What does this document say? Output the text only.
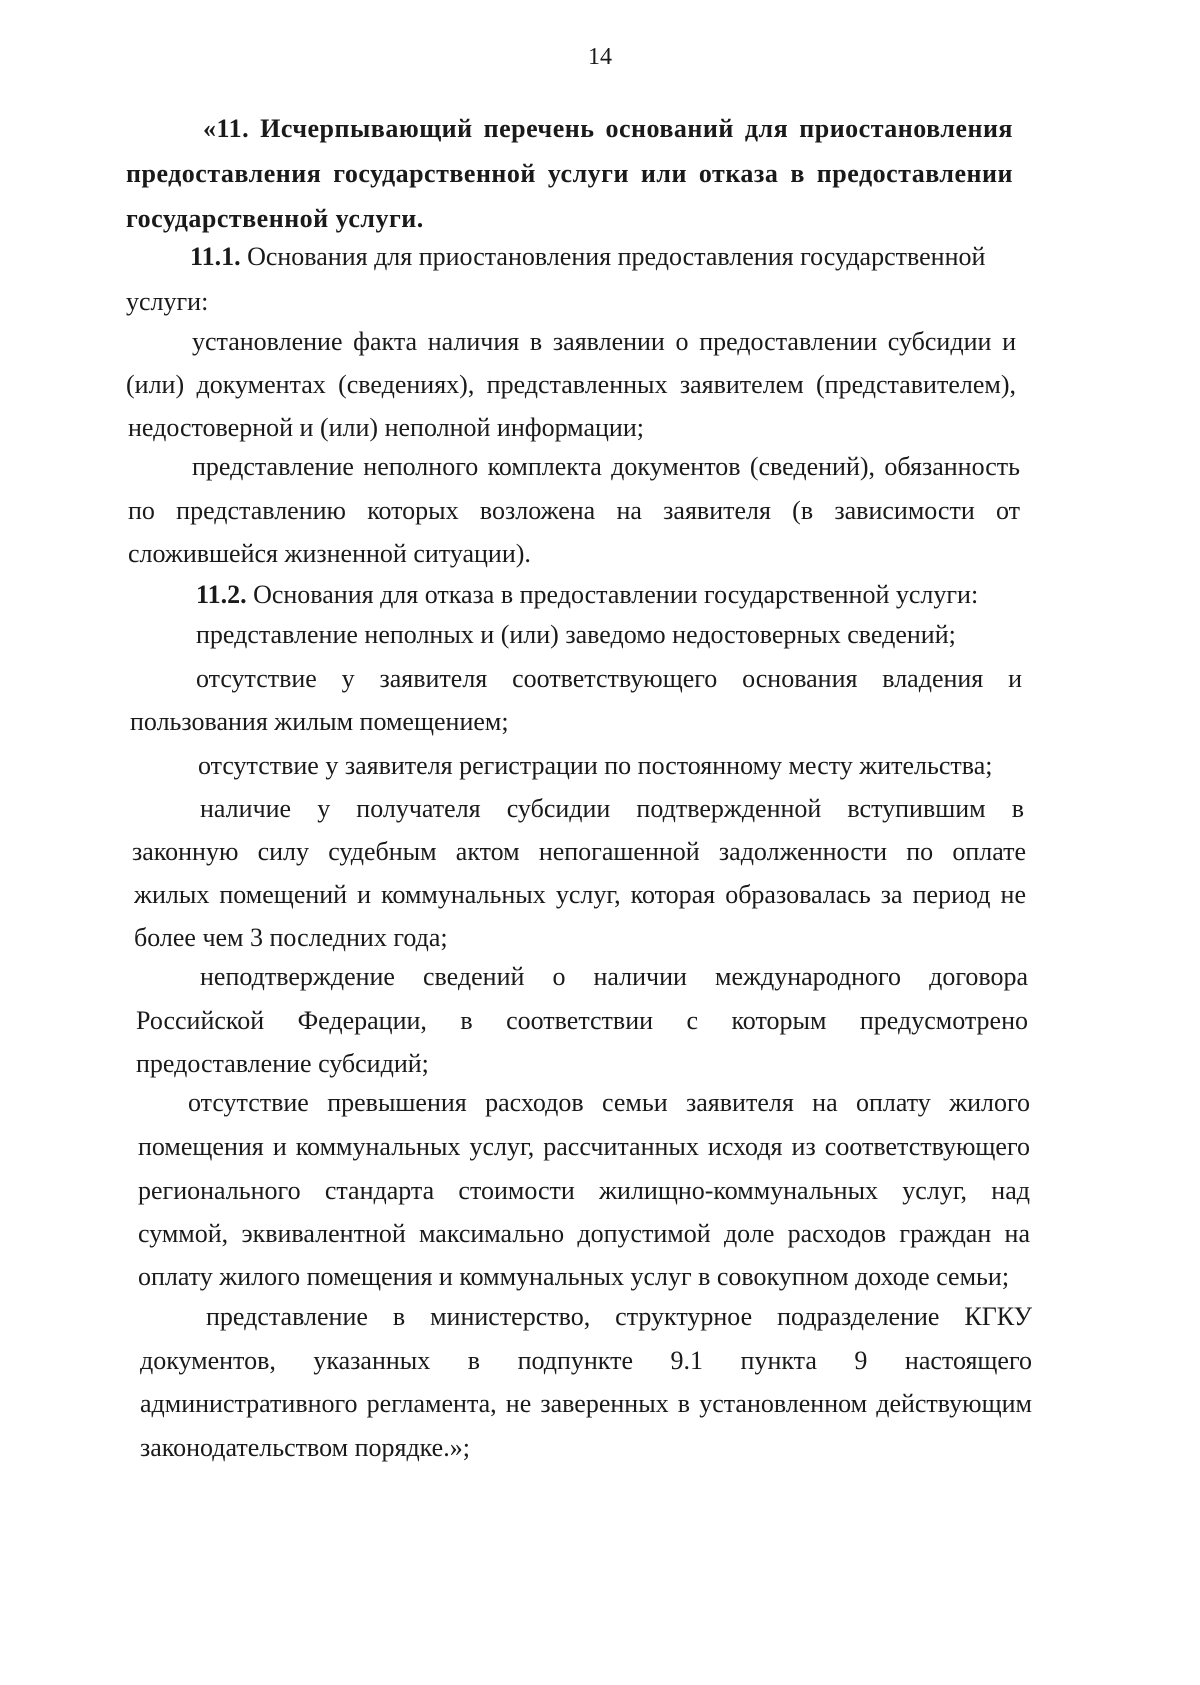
14
«11. Исчерпывающий перечень оснований для приостановления
предоставления государственной услуги или отказа в предоставлении
государственной услуги.
11.1. Основания для приостановления предоставления государственной
услуги:
установление факта наличия в заявлении о предоставлении субсидии и
(или) документах (сведениях), представленных заявителем (представителем),
недостоверной и (или) неполной информации;
представление неполного комплекта документов (сведений), обязанность
по представлению которых возложена на заявителя (в зависимости от
сложившейся жизненной ситуации).
11.2. Основания для отказа в предоставлении государственной услуги:
представление неполных и (или) заведомо недостоверных сведений;
отсутствие у заявителя соответствующего основания владения и
пользования жилым помещением;
отсутствие у заявителя регистрации по постоянному месту жительства;
наличие у получателя субсидии подтвержденной вступившим в
законную силу судебным актом непогашенной задолженности по оплате
жилых помещений и коммунальных услуг, которая образовалась за период не
более чем 3 последних года;
неподтверждение сведений о наличии международного договора
Российской Федерации, в соответствии с которым предусмотрено
предоставление субсидий;
отсутствие превышения расходов семьи заявителя на оплату жилого
помещения и коммунальных услуг, рассчитанных исходя из соответствующего
регионального стандарта стоимости жилищно-коммунальных услуг, над
суммой, эквивалентной максимально допустимой доле расходов граждан на
оплату жилого помещения и коммунальных услуг в совокупном доходе семьи;
представление в министерство, структурное подразделение КГКУ
документов, указанных в подпункте 9.1 пункта 9 настоящего
административного регламента, не заверенных в установленном действующим
законодательством порядке.»;
